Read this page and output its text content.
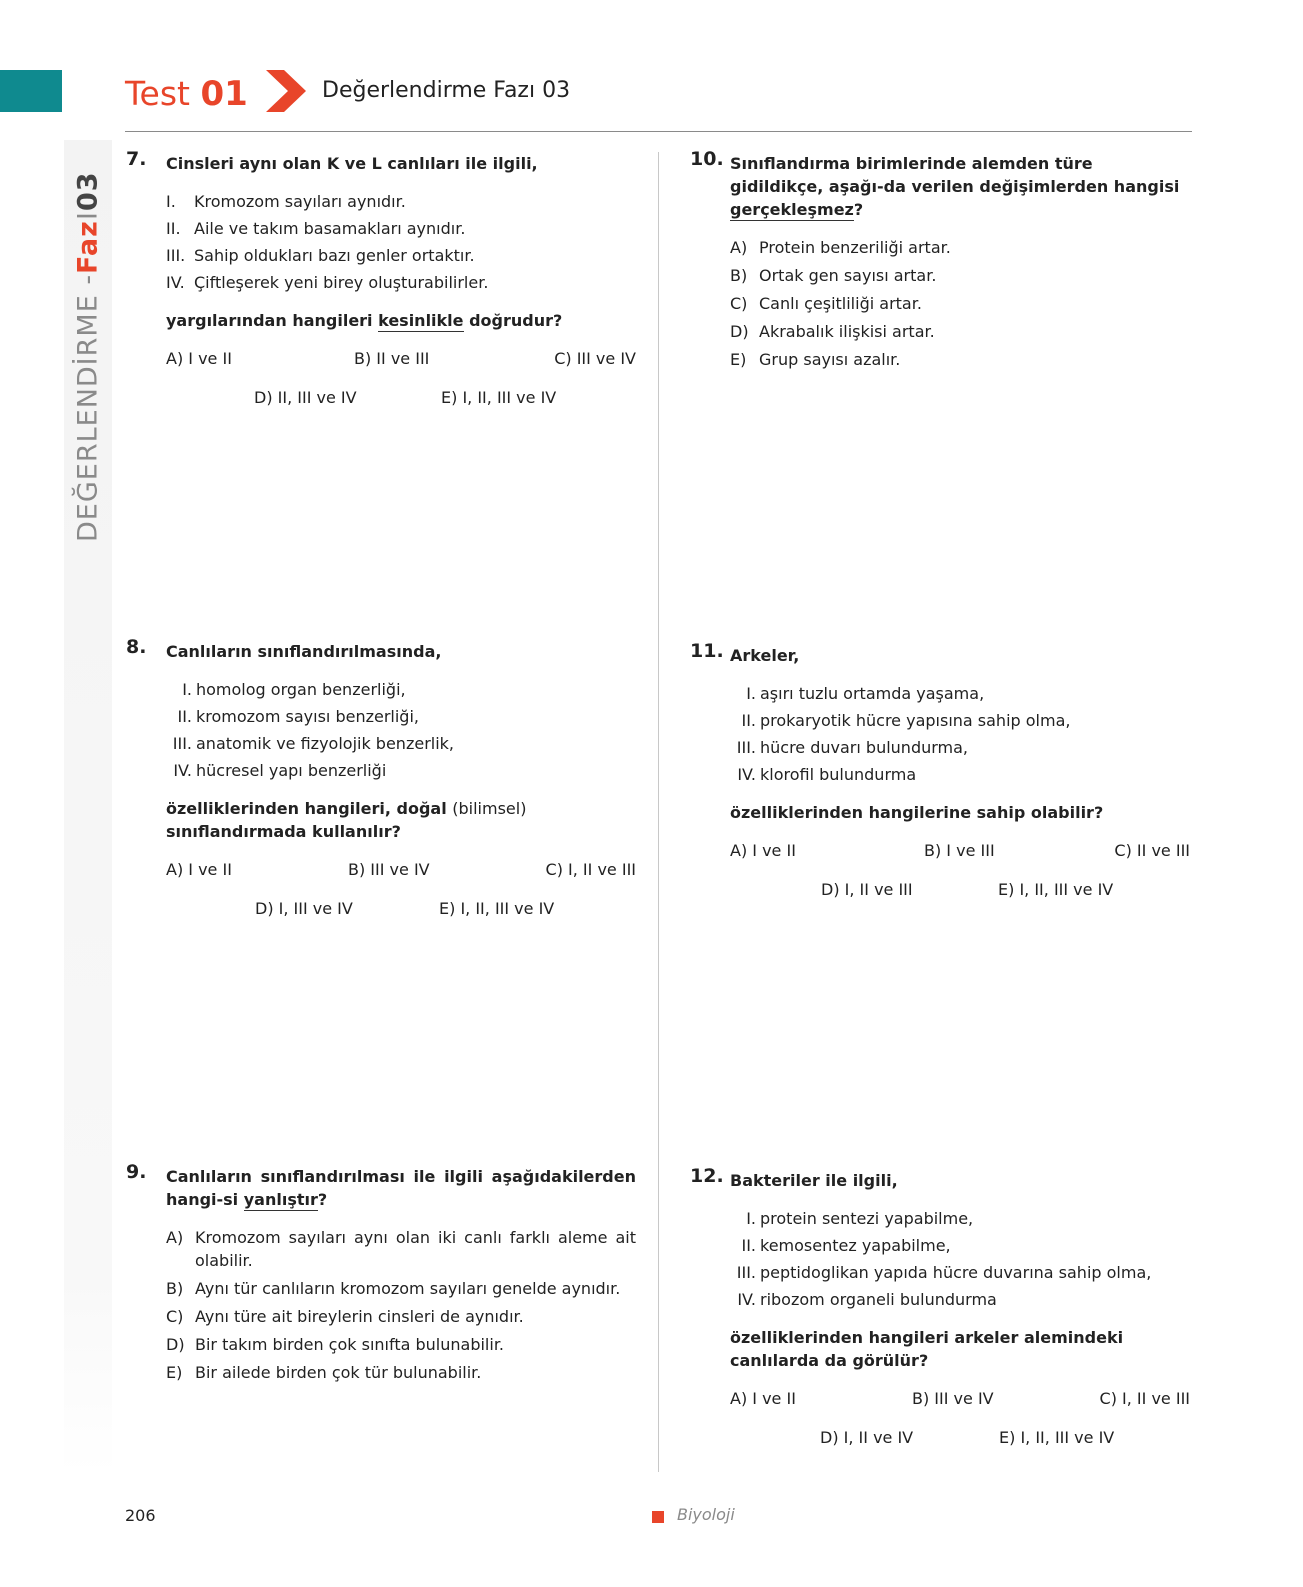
DEĞERLENDİRME -
Faz
I
03
Test 01	Değerlendirme Fazı 03
7. Cinsleri aynı olan K ve L canlıları ile ilgili,
I. Kromozom sayıları aynıdır.
II. Aile ve takım basamakları aynıdır.
III. Sahip oldukları bazı genler ortaktır.
IV. Çiftleşerek yeni birey oluşturabilirler.
yargılarından hangileri kesinlikle doğrudur?
A) I ve II	B) II ve III	C) III ve IV
D) II, III ve IV	E) I, II, III ve IV
8. Canlıların sınıflandırılmasında,
I. homolog organ benzerliği,
II. kromozom sayısı benzerliği,
III. anatomik ve fizyolojik benzerlik,
IV. hücresel yapı benzerliği
özelliklerinden hangileri, doğal (bilimsel) sınıflandırmada kullanılır?
A) I ve II	B) III ve IV	C) I, II ve III
D) I, III ve IV	E) I, II, III ve IV
9. Canlıların sınıflandırılması ile ilgili aşağıdakilerden hangi-si yanlıştır?
A) Kromozom sayıları aynı olan iki canlı farklı aleme ait olabilir.
B) Aynı tür canlıların kromozom sayıları genelde aynıdır.
C) Aynı türe ait bireylerin cinsleri de aynıdır.
D) Bir takım birden çok sınıfta bulunabilir.
E) Bir ailede birden çok tür bulunabilir.
10. Sınıflandırma birimlerinde alemden türe gidildikçe, aşağı-da verilen değişimlerden hangisi gerçekleşmez?
A) Protein benzeriliği artar.
B) Ortak gen sayısı artar.
C) Canlı çeşitliliği artar.
D) Akrabalık ilişkisi artar.
E) Grup sayısı azalır.
11. Arkeler,
I. aşırı tuzlu ortamda yaşama,
II. prokaryotik hücre yapısına sahip olma,
III. hücre duvarı bulundurma,
IV. klorofil bulundurma
özelliklerinden hangilerine sahip olabilir?
A) I ve II	B) I ve III	C) II ve III
D) I, II ve III	E) I, II, III ve IV
12. Bakteriler ile ilgili,
I. protein sentezi yapabilme,
II. kemosentez yapabilme,
III. peptidoglikan yapıda hücre duvarına sahip olma,
IV. ribozom organeli bulundurma
özelliklerinden hangileri arkeler alemindeki canlılarda da görülür?
A) I ve II	B) III ve IV	C) I, II ve III
D) I, II ve IV	E) I, II, III ve IV
206	Biyoloji
